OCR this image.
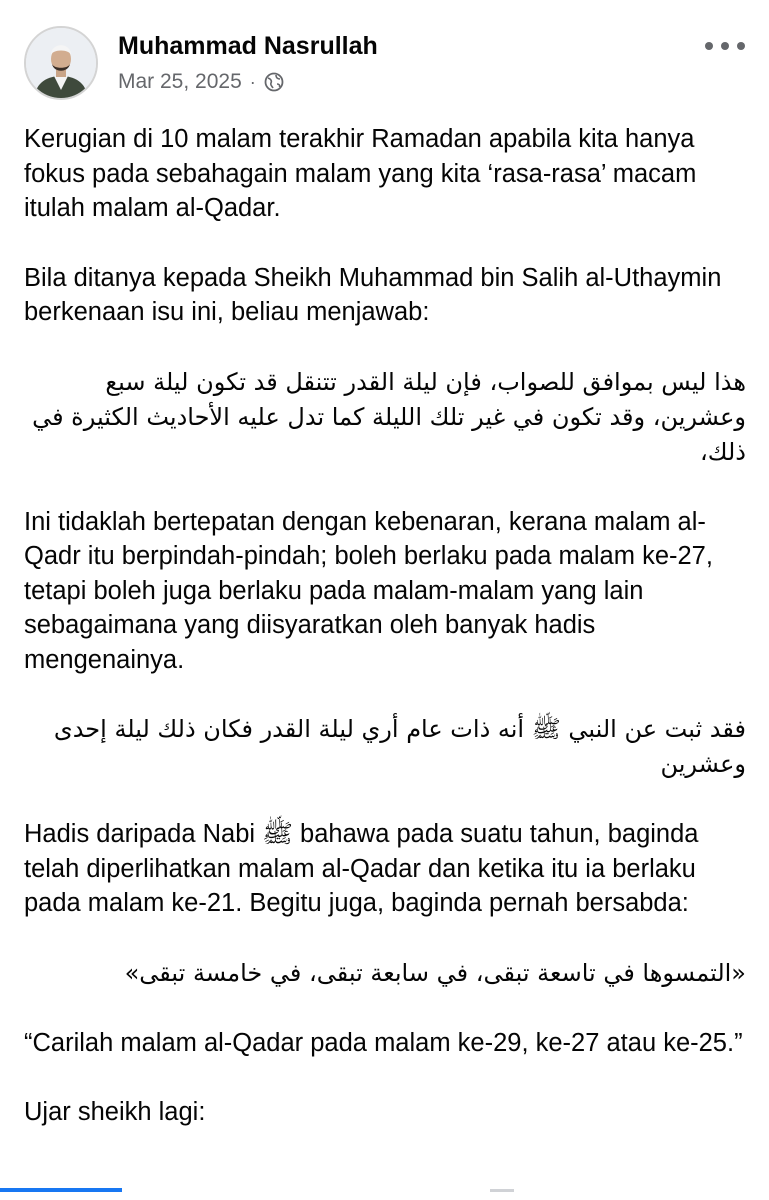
Muhammad Nasrullah
Mar 25, 2025 ·

Kerugian di 10 malam terakhir Ramadan apabila kita hanya fokus pada sebahagain malam yang kita ‘rasa-rasa’ macam itulah malam al-Qadar.

Bila ditanya kepada Sheikh Muhammad bin Salih al-Uthaymin berkenaan isu ini, beliau menjawab:

هذا ليس بموافق للصواب، فإن ليلة القدر تتنقل قد تكون ليلة سبع وعشرين، وقد تكون في غير تلك الليلة كما تدل عليه الأحاديث الكثيرة في ذلك،

Ini tidaklah bertepatan dengan kebenaran, kerana malam al-Qadr itu berpindah-pindah; boleh berlaku pada malam ke-27, tetapi boleh juga berlaku pada malam-malam yang lain sebagaimana yang diisyaratkan oleh banyak hadis mengenainya.

فقد ثبت عن النبي ﷺ أنه ذات عام أري ليلة القدر فكان ذلك ليلة إحدى وعشرين

Hadis daripada Nabi ﷺ bahawa pada suatu tahun, baginda telah diperlihatkan malam al-Qadar dan ketika itu ia berlaku pada malam ke-21. Begitu juga, baginda pernah bersabda:

«التمسوها في تاسعة تبقى، في سابعة تبقى، في خامسة تبقى»

“Carilah malam al-Qadar pada malam ke-29, ke-27 atau ke-25.”

Ujar sheikh lagi:
